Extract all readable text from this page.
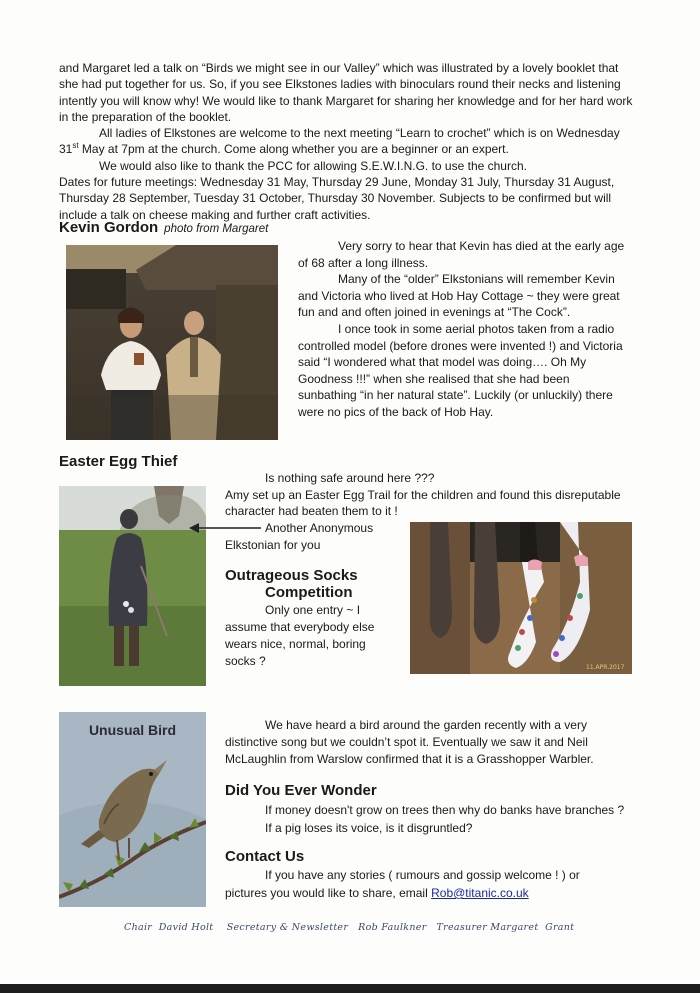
and Margaret led a talk on “Birds we might see in our Valley” which was illustrated by a lovely booklet that she had put together for us. So, if you see Elkstones ladies with binoculars round their necks and listening intently you will know why! We would like to thank Margaret for sharing her knowledge and for her hard work in the preparation of the booklet.

All ladies of Elkstones are welcome to the next meeting “Learn to crochet” which is on Wednesday 31st May at 7pm at the church. Come along whether you are a beginner or an expert.

We would also like to thank the PCC for allowing S.E.W.I.N.G. to use the church.

Dates for future meetings: Wednesday 31 May, Thursday 29 June, Monday 31 July, Thursday 31 August, Thursday 28 September, Tuesday 31 October, Thursday 30 November. Subjects to be confirmed but will include a talk on cheese making and further craft activities.

Kevin Gordon photo from Margaret

Very sorry to hear that Kevin has died at the early age of 68 after a long illness.

Many of the “older” Elkstonians will remember Kevin and Victoria who lived at Hob Hay Cottage ~ they were great fun and and often joined in evenings at “The Cock”.

I once took in some aerial photos taken from a radio controlled model (before drones were invented !) and Victoria said “I wondered what that model was doing…. Oh My Goodness !!!” when she realised that she had been sunbathing “in her natural state”. Luckily (or unluckily) there were no pics of the back of Hob Hay.

Easter Egg Thief
Is nothing safe around here ???
Amy set up an Easter Egg Trail for the children and found this disreputable character had beaten them to it !
Another Anonymous Elkstonian for you
Outrageous Socks
Competition
Only one entry ~ I assume that everybody else wears nice, normal, boring socks ?	11.APR.2017
Unusual Bird	We have heard a bird around the garden recently with a very distinctive song but we couldn’t spot it. Eventually we saw it and Neil McLaughlin from Warslow confirmed that it is a Grasshopper Warbler.
Did You Ever Wonder
If money doesn't grow on trees then why do banks have branches ?
If a pig loses its voice, is it disgruntled?
Contact Us
If you have any stories ( rumours and gossip welcome ! ) or pictures you would like to share, email Rob@titanic.co.uk
Chair  David Holt    Secretary & Newsletter   Rob Faulkner   Treasurer Margaret  Grant
